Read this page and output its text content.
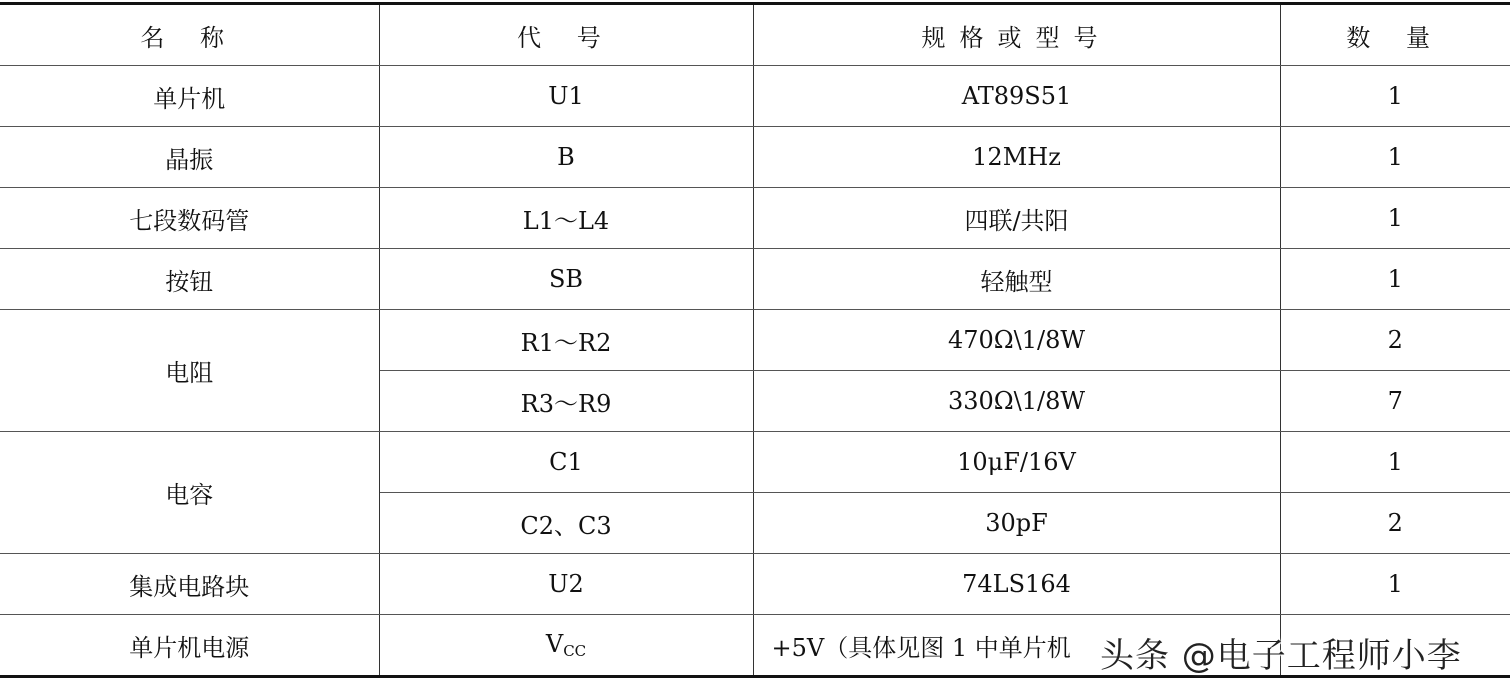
名 称	代 号	规格或型号	数 量
单片机	U1	AT89S51	1
晶振	B	12MHz	1
七段数码管	L1～L4	四联/共阳	1
按钮	SB	轻触型	1
电阻	R1～R2	470Ω\1/8W	2
	R3～R9	330Ω\1/8W	7
电容	C1	10μF/16V	1
	C2、C3	30pF	2
集成电路块	U2	74LS164	1
单片机电源	$V_{CC}$	+5V（具体见图 1 中单片机	
	头条 @电子工程师小李
